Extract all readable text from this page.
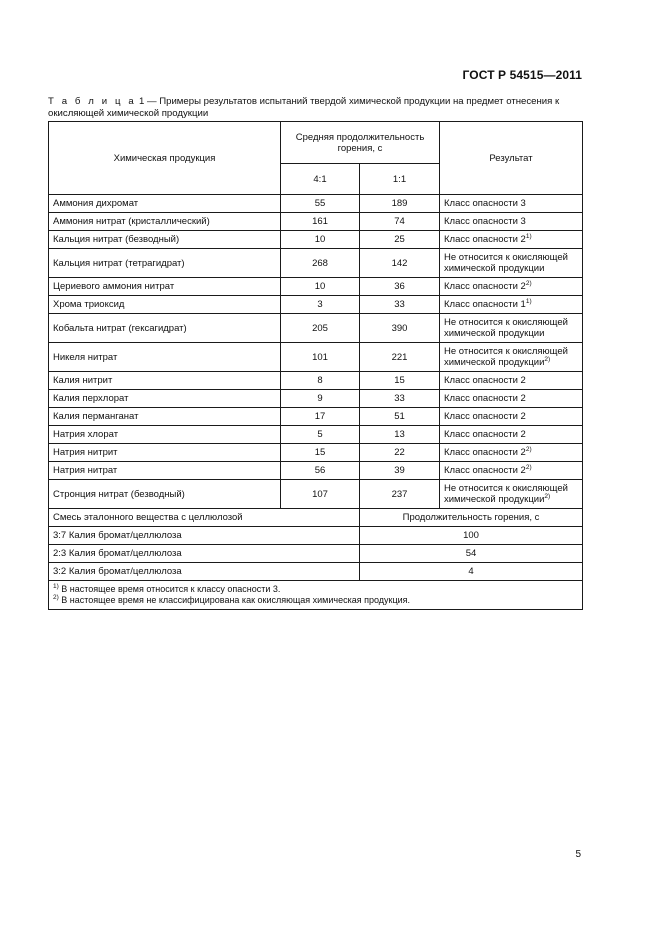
ГОСТ Р 54515—2011
Т а б л и ц а 1 — Примеры результатов испытаний твердой химической продукции на предмет отнесения к окисляющей химической продукции
Химическая продукция	Средняя продолжительность горения, с		Результат
	4:1	1:1	
Аммония дихромат	55	189	Класс опасности 3
Аммония нитрат (кристаллический)	161	74	Класс опасности 3
Кальция нитрат (безводный)	10	25	Класс опасности 2$^{1)}$
Кальция нитрат (тетрагидрат)	268	142	Не относится к окисляющей химической продукции
Цериевого аммония нитрат	10	36	Класс опасности 2$^{2)}$
Хрома триоксид	3	33	Класс опасности 1$^{1)}$
Кобальта нитрат (гексагидрат)	205	390	Не относится к окисляющей химической продукции
Никеля нитрат	101	221	Не относится к окисляющей химической продукции$^{2)}$
Калия нитрит	8	15	Класс опасности 2
Калия перхлорат	9	33	Класс опасности 2
Калия перманганат	17	51	Класс опасности 2
Натрия хлорат	5	13	Класс опасности 2
Натрия нитрит	15	22	Класс опасности 2$^{2)}$
Натрия нитрат	56	39	Класс опасности 2$^{2)}$
Стронция нитрат (безводный)	107	237	Не относится к окисляющей химической продукции$^{2)}$
Смесь эталонного вещества с целлюлозой		Продолжительность горения, с	
3:7 Калия бромат/целлюлоза		100	
2:3 Калия бромат/целлюлоза		54	
3:2 Калия бромат/целлюлоза		4	

$^{1)}$ В настоящее время относится к классу опасности 3.
$^{2)}$ В настоящее время не классифицирована как окисляющая химическая продукция.			
5
